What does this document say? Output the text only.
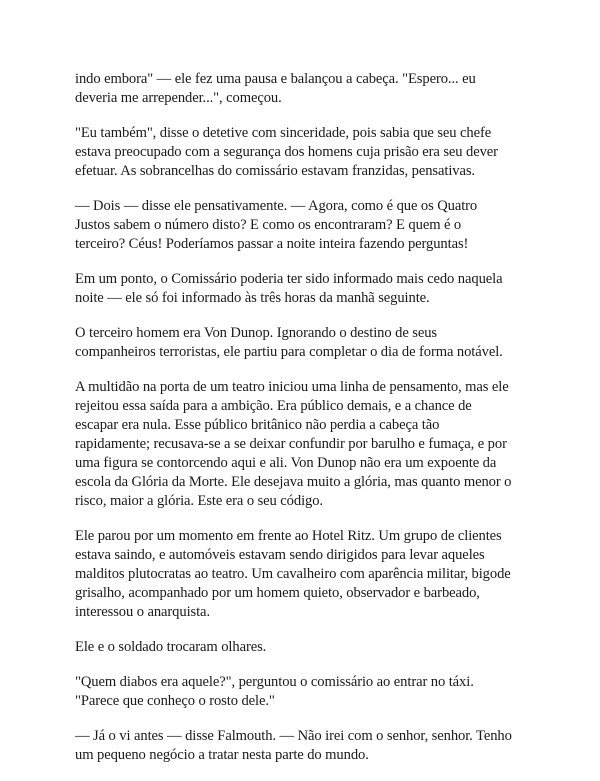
indo embora" — ele fez uma pausa e balançou a cabeça. "Espero... eu
deveria me arrepender...", começou.

"Eu também", disse o detetive com sinceridade, pois sabia que seu chefe
estava preocupado com a segurança dos homens cuja prisão era seu dever
efetuar. As sobrancelhas do comissário estavam franzidas, pensativas.

— Dois — disse ele pensativamente. — Agora, como é que os Quatro
Justos sabem o número disto? E como os encontraram? E quem é o
terceiro? Céus! Poderíamos passar a noite inteira fazendo perguntas!

Em um ponto, o Comissário poderia ter sido informado mais cedo naquela
noite — ele só foi informado às três horas da manhã seguinte.

O terceiro homem era Von Dunop. Ignorando o destino de seus
companheiros terroristas, ele partiu para completar o dia de forma notável.

A multidão na porta de um teatro iniciou uma linha de pensamento, mas ele
rejeitou essa saída para a ambição. Era público demais, e a chance de
escapar era nula. Esse público britânico não perdia a cabeça tão
rapidamente; recusava-se a se deixar confundir por barulho e fumaça, e por
uma figura se contorcendo aqui e ali. Von Dunop não era um expoente da
escola da Glória da Morte. Ele desejava muito a glória, mas quanto menor o
risco, maior a glória. Este era o seu código.

Ele parou por um momento em frente ao Hotel Ritz. Um grupo de clientes
estava saindo, e automóveis estavam sendo dirigidos para levar aqueles
malditos plutocratas ao teatro. Um cavalheiro com aparência militar, bigode
grisalho, acompanhado por um homem quieto, observador e barbeado,
interessou o anarquista.

Ele e o soldado trocaram olhares.

"Quem diabos era aquele?", perguntou o comissário ao entrar no táxi.
"Parece que conheço o rosto dele."

— Já o vi antes — disse Falmouth. — Não irei com o senhor, senhor. Tenho
um pequeno negócio a tratar nesta parte do mundo.
